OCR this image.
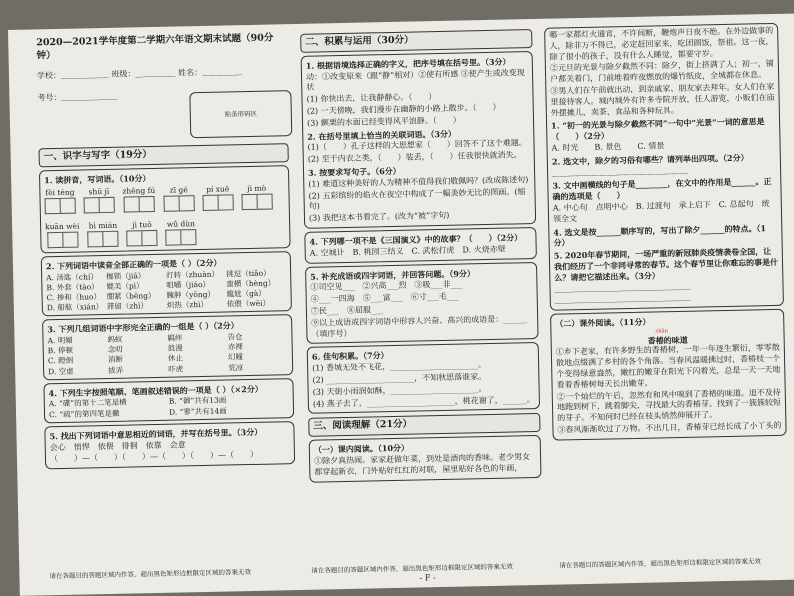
2020—2021学年度第二学期六年语文期末试题（90分钟）
学校：＿＿＿＿＿＿ 班级：＿＿＿＿＿ 姓名：＿＿＿＿＿
考号：＿＿＿＿＿＿＿
贴条形码区
一、识字与写字（19分）
1. 读拼音，写词语。（10分）
fèi téng shū jī zhēng fú zī gé pí xuē jì mò
kuān wèi bì mián jì tuō wǔ dùn
2. 下列词语中读音全部正确的一项是（ ）（2分）
A. 汤匙（chí）	枷锁（jiā）	打转（zhuàn） 挑逗（tiǎo）
B. 外套（tào）	媲美（pì）	咀嚼（jiáo）	蛮横（hèng）
C. 掺和（huo） 绷紧（bēng）	臃肿（yōng）	尴尬（gà）
D. 船舷（xián） 滞留（zhì）	炽热（zhì）	依偎（wēi）
3. 下列几组词语中字形完全正确的一组是（ ）（2分）
A. 明媚	蚂蚁	羁绊	告仓
B. 停顿	念叨	浪漫	赤裸
C. 蹬倒	消断	休止	幻瞳
D. 空虚	拔弄	吓虎	荒凉
4. 下列生字按照笔顺、笔画叙述错误的一项是（ ）（×2分）
A. “碟”的第十二笔是横	B. “御”共有13画
C. “疏”的第四笔是撇	D. “寥”共有14画
5. 找出下列词语中意思相近的词语，并写在括号里。（3分）

会心　悄悍　依偎　徘徊　依靠　会意

（　　）—（　　）（　　）—（　　）（　　）—（　　）

请在各题目的答题区域内作答，超出黑色矩形边框限定区域的答案无效
二、积累与运用（30分）
1. 根据语境选择正确的字义，把序号填在括号里。（3分）

动：①改变原来（跟“静”相对）②使有所感 ③使产生或改变现状

(1) 你快出去，让我静静心。（　　）

(2) 一天傍晚，我们漫步在幽静的小路上散步。（　　）

(3) 颤栗的水面已经变得风平浪静。（　　）

2. 在括号里填上恰当的关联词语。（3分）

(1)（　　）孔子这样的大思想家（　　）回答不了这个难题。

(2) 至于内衣之类，（　　）装丢，（　　）任我很快就消失。

3. 按要求写句子。（6分）

(1) 难道这种美好的人为精神不值得我们敬佩吗？(改成陈述句)

(2) 五彩缤纷的焰火在夜空中构成了一幅美妙无比的图画。(缩句)

(3) 我把这本书看完了。(改为“被”字句)

4. 下列哪一项不是《三国演义》中的故事？（　　）（2分）

A. 空城计　B. 桃园三结义　C. 武松打虎　D. 火烧赤壁

5. 补充成语或四字词语，并回答问题。（9分）

①司空见___　②兴高___烈　③吸___非___

④___一四海　⑤___富___　⑥寸___毛___

⑦民___　⑧屈服___

⑨以上成语或四字词语中形容人兴奋、高兴的成语是：______（填序号）

6. 佳句积累。（7分）

(1) 香城无处不飞花，______________________。

(2) ______________________，不知秋思落谁家。

(3) 天街小雨润如酥，______________________。

(4) 燕子去了，______________________，桃花谢了，______。

三、阅读理解（21分）
（一）课内阅读。（10分）

①除夕真热闹。家家赶做年菜，到处是酒肉的香味。老少男女都穿起新衣，门外贴好红红的对联，屋里贴好各色的年画，

请在各题目的答题区域内作答，超出黑色矩形边框限定区域的答案无效
- F -

哪一家都灯火通宵，不许间断，鞭炮声日夜不绝。在外边做事的人，除非万不得已，必定赶回家来，吃团圆饭，祭祖。这一夜，除了很小的孩子，没有什么人睡觉，都要守岁。

②元旦的光景与除夕截然不同：除夕，街上挤满了人；初一，铺户都关着门，门前堆着昨夜燃放的爆竹纸皮，全城都在休息。

③男人们在午前就出动，到亲戚家、朋友家去拜年。女人们在家里接待客人。城内城外有许多寺院开放，任人游览，小贩们在庙外摆摊儿，卖茶、食品和各种玩具。

1. “初一的光景与除夕截然不同”一句中“光景”一词的意思是（　　）（2分）

A. 时光　　B. 景色　　C. 情景

2. 选文中，除夕的习俗有哪些？请列举出四项。（2分）

＿＿＿＿＿＿＿＿＿＿＿＿＿＿＿＿＿

3. 文中画横线的句子是________，在文中的作用是______。正确的选项是（　　）

A. 中心句　点明中心　B. 过渡句　承上启下　C. 总起句　统领全文

4. 选文是按______顺序写的，写出了除夕______的特点。（1分）
5. 2020年春节期间，一场严重的新冠肺炎疫情袭卷全国，让我们经历了一个非同寻常的春节。这个春节里让你难忘的事是什么？请把它描述出来。（3分）

＿＿＿＿＿＿＿＿＿＿＿＿＿＿＿＿＿

＿＿＿＿＿＿＿＿＿＿＿＿＿＿＿＿＿

（二）课外阅读。（11分）
chūn
香椿的味道

①乡下老家，有许多野生的香椿树，一年一年逐生繁衍，零零散散地点缀满了乡村的各个角落。当春风温暖拂过时，香椿枝一个个变得绿意盎然，嫩红的嫩芽在阳光下闪着光，总是一天一天地看着香椿树每天长出嫩芽。

②一个灿烂的午后，忽然有和风中嗅到了香椿的味道。追不及待地跑到树下，跳着脚尖，寻找最大的香椿芽。找到了一簇簇较短的芽子。不知何时已经在枝头悄然伸展开了。

③春风渐渐吹过了万物。不出几日，香椿芽已经长成了小丫头的

请在各题目的答题区域内作答，超出黑色矩形边框限定区域的答案无效
